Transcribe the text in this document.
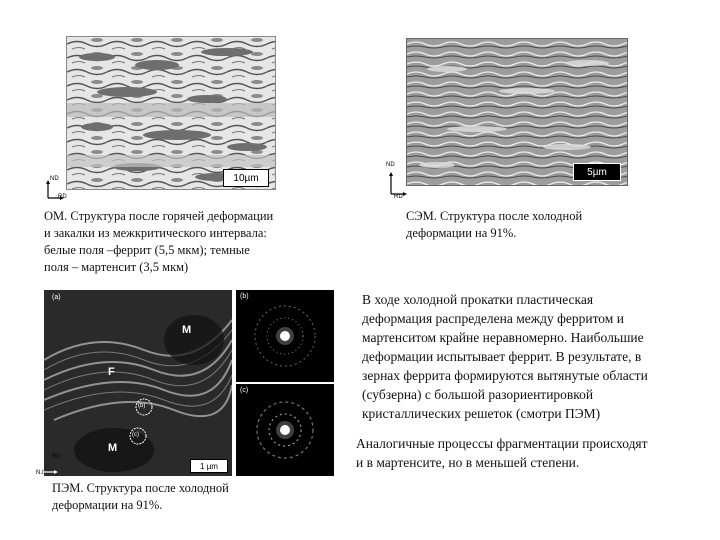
10µm
ND
RD
ОМ. Структура после горячей деформации
и закалки из межкритического интервала:
белые поля –феррит (5,5 мкм); темные
поля – мартенсит (3,5 мкм)
5µm
ND
RD
СЭМ. Структура после холодной
деформации на 91%.
(a)
M
F
M
(b)
(c)
1 µm
N.I
RD
(b)
(c)
ПЭМ. Структура после холодной
деформации на 91%.
В ходе холодной прокатки пластическая
деформация распределена между ферритом и
мартенситом крайне неравномерно. Наибольшие
деформации испытывает феррит. В результате, в
зернах феррита формируются вытянутые области
(субзерна) с большой разориентировкой
кристаллических решеток (смотри ПЭМ)
Аналогичные процессы фрагментации происходят
и в мартенсите, но в меньшей степени.
